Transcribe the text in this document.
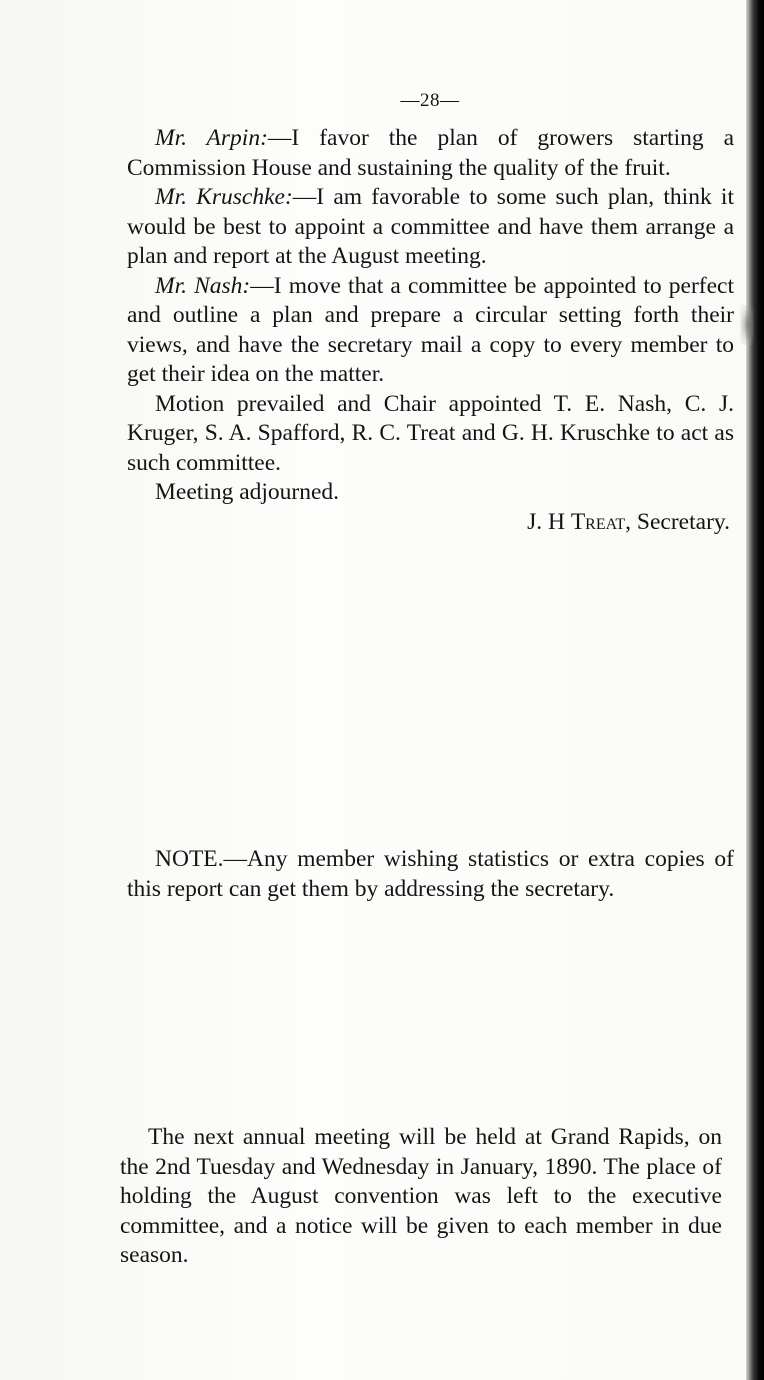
—28—

Mr. Arpin:—I favor the plan of growers starting a Commission House and sustaining the quality of the fruit.

Mr. Kruschke:—I am favorable to some such plan, think it would be best to appoint a committee and have them arrange a plan and report at the August meeting.

Mr. Nash:—I move that a committee be appointed to perfect and outline a plan and prepare a circular setting forth their views, and have the secretary mail a copy to every member to get their idea on the matter.

Motion prevailed and Chair appointed T. E. Nash, C. J. Kruger, S. A. Spafford, R. C. Treat and G. H. Kruschke to act as such committee.

Meeting adjourned.

J. H Treat, Secretary.

NOTE.—Any member wishing statistics or extra copies of this report can get them by addressing the secretary.

The next annual meeting will be held at Grand Rapids, on the 2nd Tuesday and Wednesday in January, 1890. The place of holding the August convention was left to the executive committee, and a notice will be given to each member in due season.
